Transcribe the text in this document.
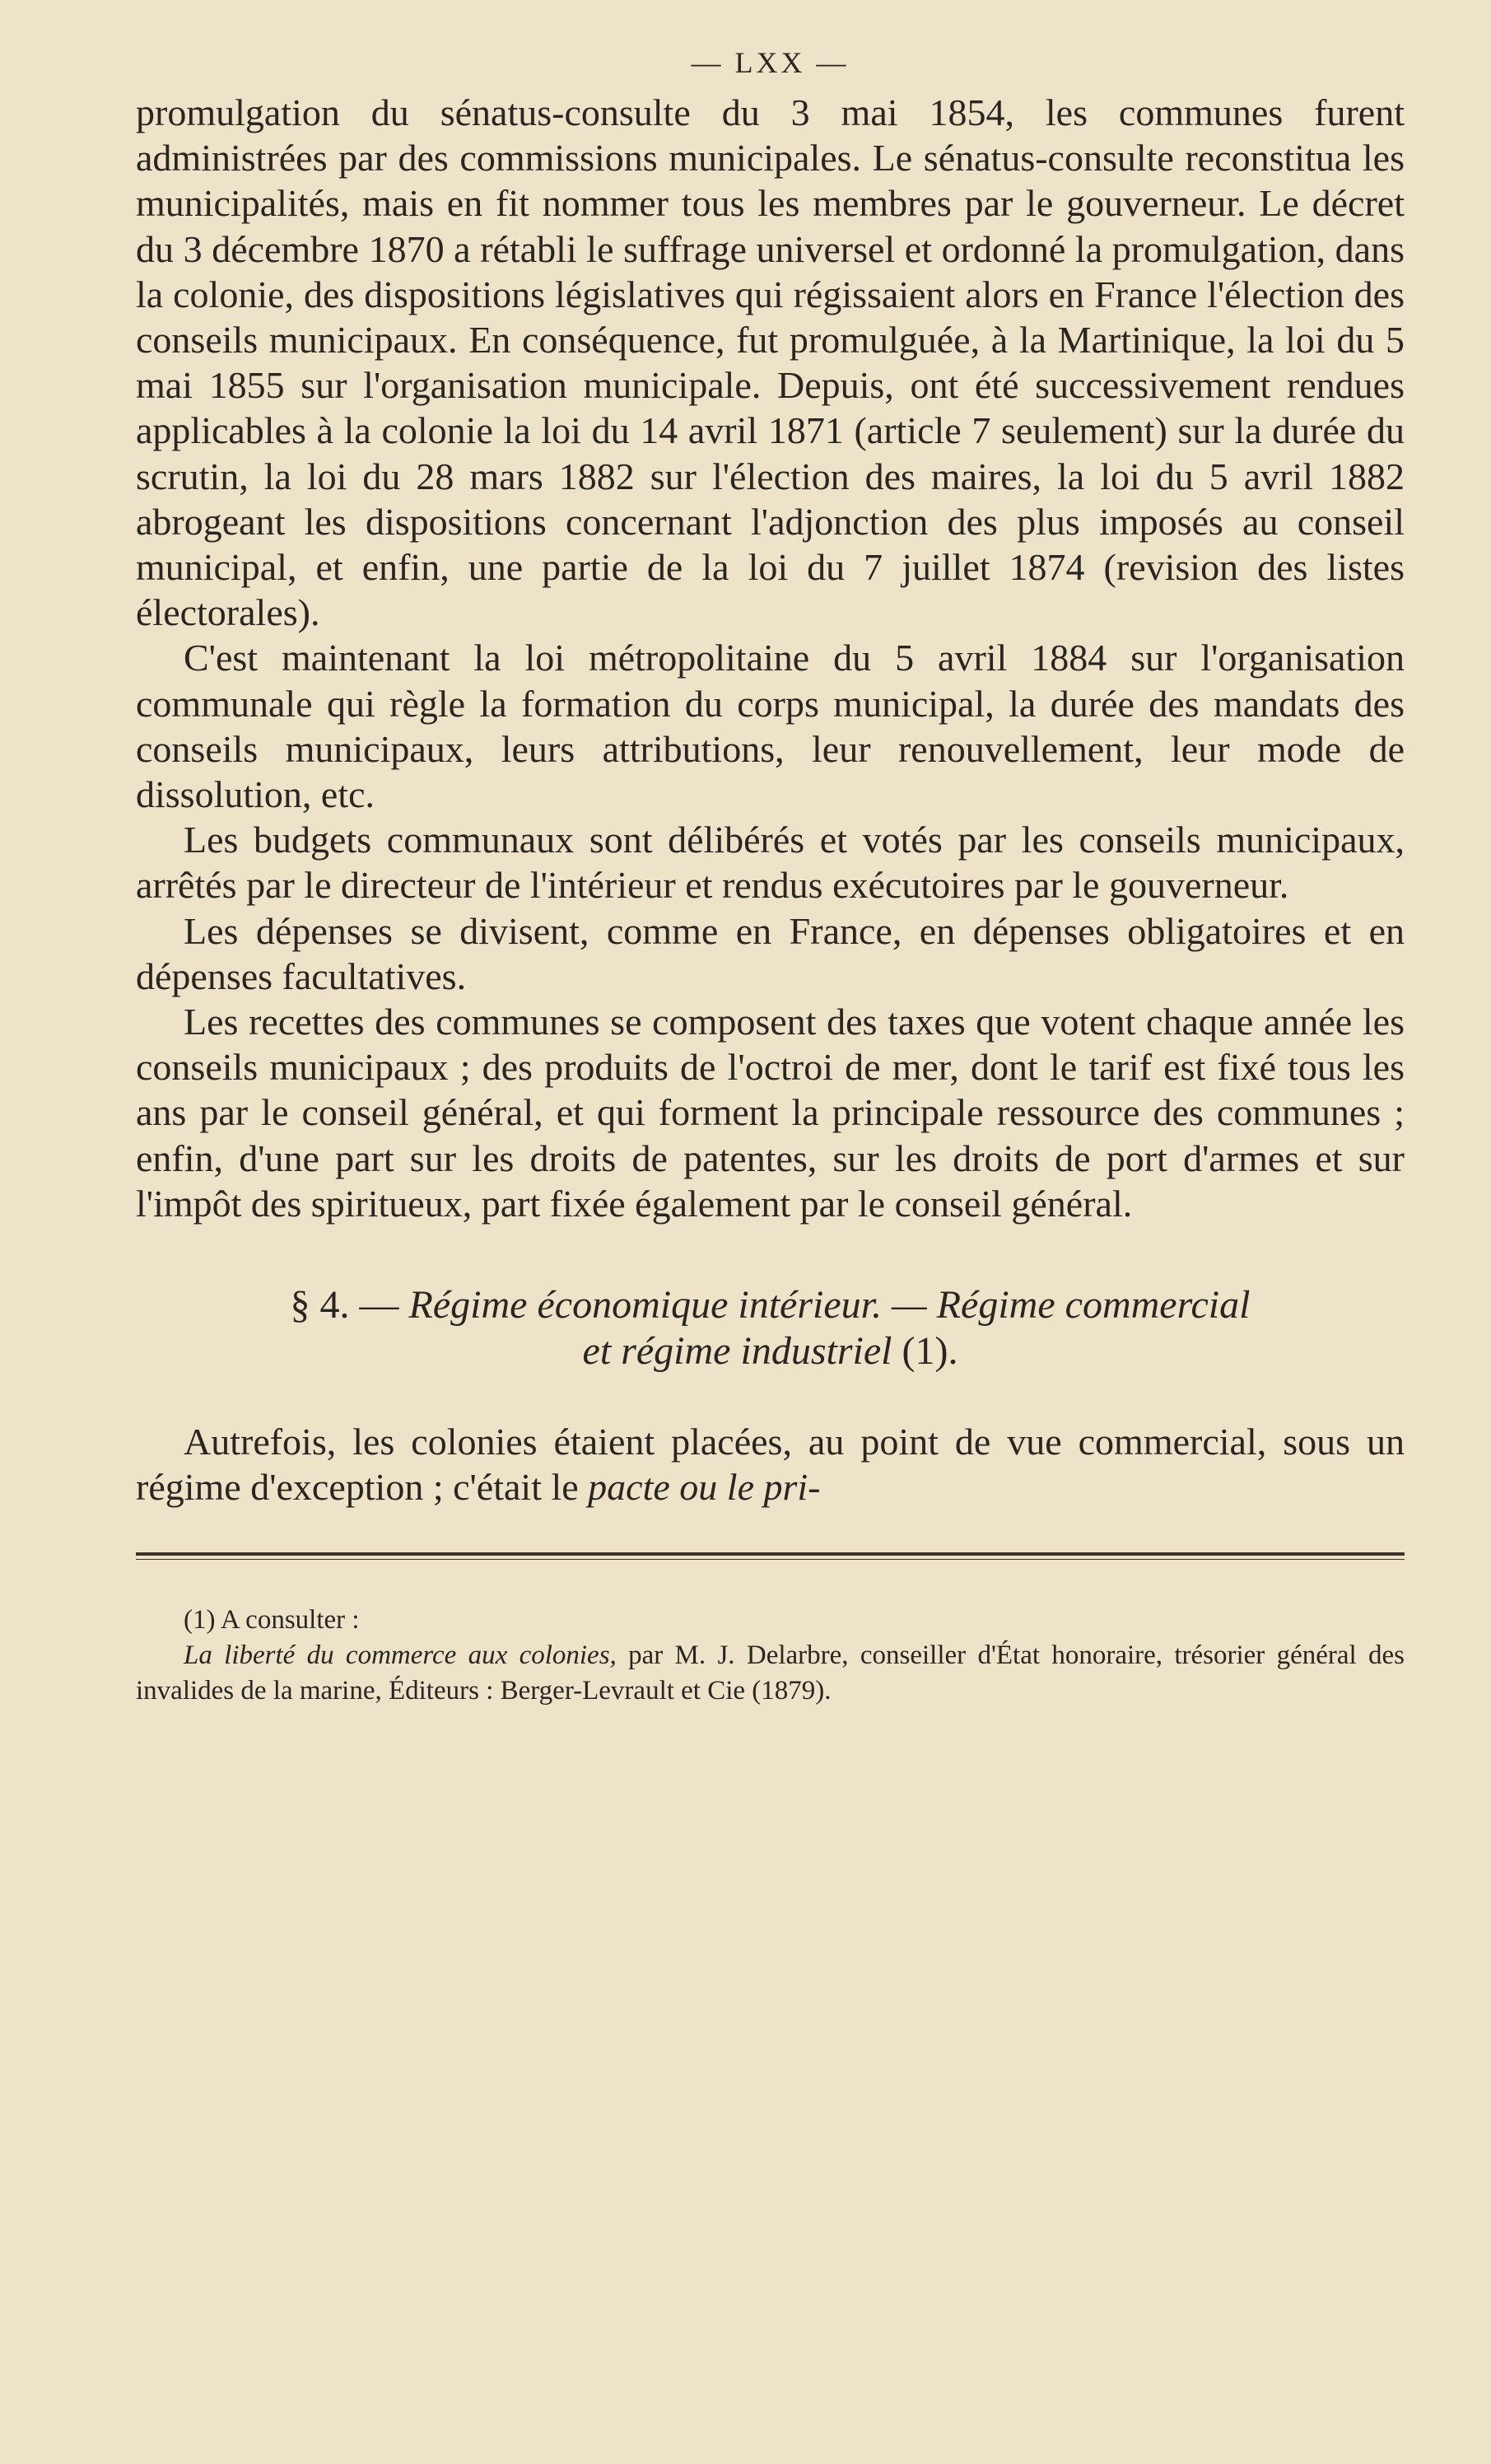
— LXX —

promulgation du sénatus-consulte du 3 mai 1854, les communes furent administrées par des commissions municipales. Le sénatus-consulte reconstitua les municipalités, mais en fit nommer tous les membres par le gouverneur. Le décret du 3 décembre 1870 a rétabli le suffrage universel et ordonné la promulgation, dans la colonie, des dispositions législatives qui régissaient alors en France l'élection des conseils municipaux. En conséquence, fut promulguée, à la Martinique, la loi du 5 mai 1855 sur l'organisation municipale. Depuis, ont été successivement rendues applicables à la colonie la loi du 14 avril 1871 (article 7 seulement) sur la durée du scrutin, la loi du 28 mars 1882 sur l'élection des maires, la loi du 5 avril 1882 abrogeant les dispositions concernant l'adjonction des plus imposés au conseil municipal, et enfin, une partie de la loi du 7 juillet 1874 (revision des listes électorales).

C'est maintenant la loi métropolitaine du 5 avril 1884 sur l'organisation communale qui règle la formation du corps municipal, la durée des mandats des conseils municipaux, leurs attributions, leur renouvellement, leur mode de dissolution, etc.

Les budgets communaux sont délibérés et votés par les conseils municipaux, arrêtés par le directeur de l'intérieur et rendus exécutoires par le gouverneur.

Les dépenses se divisent, comme en France, en dépenses obligatoires et en dépenses facultatives.

Les recettes des communes se composent des taxes que votent chaque année les conseils municipaux ; des produits de l'octroi de mer, dont le tarif est fixé tous les ans par le conseil général, et qui forment la principale ressource des communes ; enfin, d'une part sur les droits de patentes, sur les droits de port d'armes et sur l'impôt des spiritueux, part fixée également par le conseil général.

§ 4. — Régime économique intérieur. — Régime commercial
et régime industriel (1).

Autrefois, les colonies étaient placées, au point de vue commercial, sous un régime d'exception ; c'était le pacte ou le pri-

(1) A consulter :

La liberté du commerce aux colonies, par M. J. Delarbre, conseiller d'État honoraire, trésorier général des invalides de la marine, Éditeurs : Berger-Levrault et Cie (1879).
